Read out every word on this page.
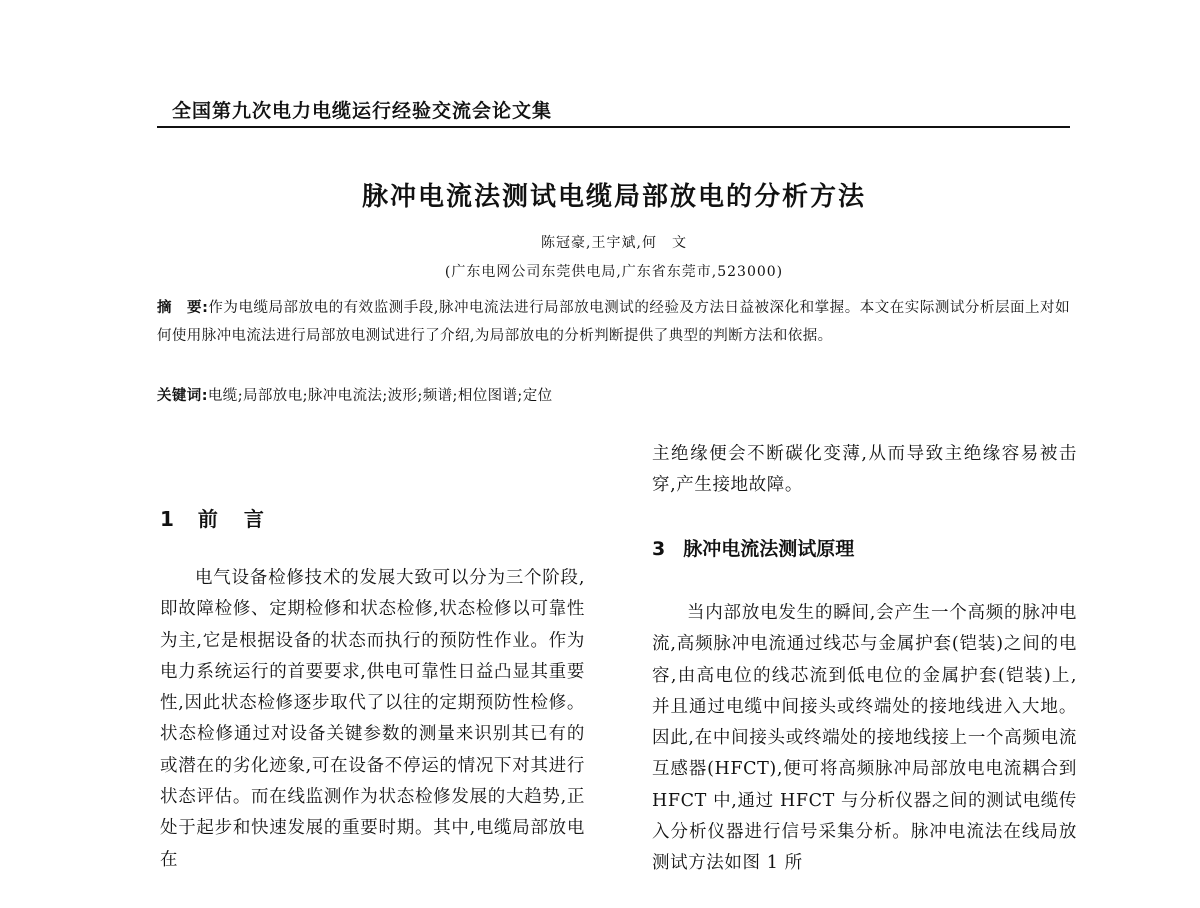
全国第九次电力电缆运行经验交流会论文集
脉冲电流法测试电缆局部放电的分析方法
陈冠豪,王宇斌,何　文
(广东电网公司东莞供电局,广东省东莞市,523000)
摘　要:作为电缆局部放电的有效监测手段,脉冲电流法进行局部放电测试的经验及方法日益被深化和掌握。本文在实际测试分析层面上对如何使用脉冲电流法进行局部放电测试进行了介绍,为局部放电的分析判断提供了典型的判断方法和依据。
关键词:电缆;局部放电;脉冲电流法;波形;频谱;相位图谱;定位
1 前言

电气设备检修技术的发展大致可以分为三个阶段,即故障检修、定期检修和状态检修,状态检修以可靠性为主,它是根据设备的状态而执行的预防性作业。作为电力系统运行的首要要求,供电可靠性日益凸显其重要性,因此状态检修逐步取代了以往的定期预防性检修。状态检修通过对设备关键参数的测量来识别其已有的或潜在的劣化迹象,可在设备不停运的情况下对其进行状态评估。而在线监测作为状态检修发展的大趋势,正处于起步和快速发展的重要时期。其中,电缆局部放电在

主绝缘便会不断碳化变薄,从而导致主绝缘容易被击穿,产生接地故障。

3 脉冲电流法测试原理

当内部放电发生的瞬间,会产生一个高频的脉冲电流,高频脉冲电流通过线芯与金属护套(铠装)之间的电容,由高电位的线芯流到低电位的金属护套(铠装)上,并且通过电缆中间接头或终端处的接地线进入大地。因此,在中间接头或终端处的接地线接上一个高频电流互感器(HFCT),便可将高频脉冲局部放电电流耦合到 HFCT 中,通过 HFCT 与分析仪器之间的测试电缆传入分析仪器进行信号采集分析。脉冲电流法在线局放测试方法如图 1 所
